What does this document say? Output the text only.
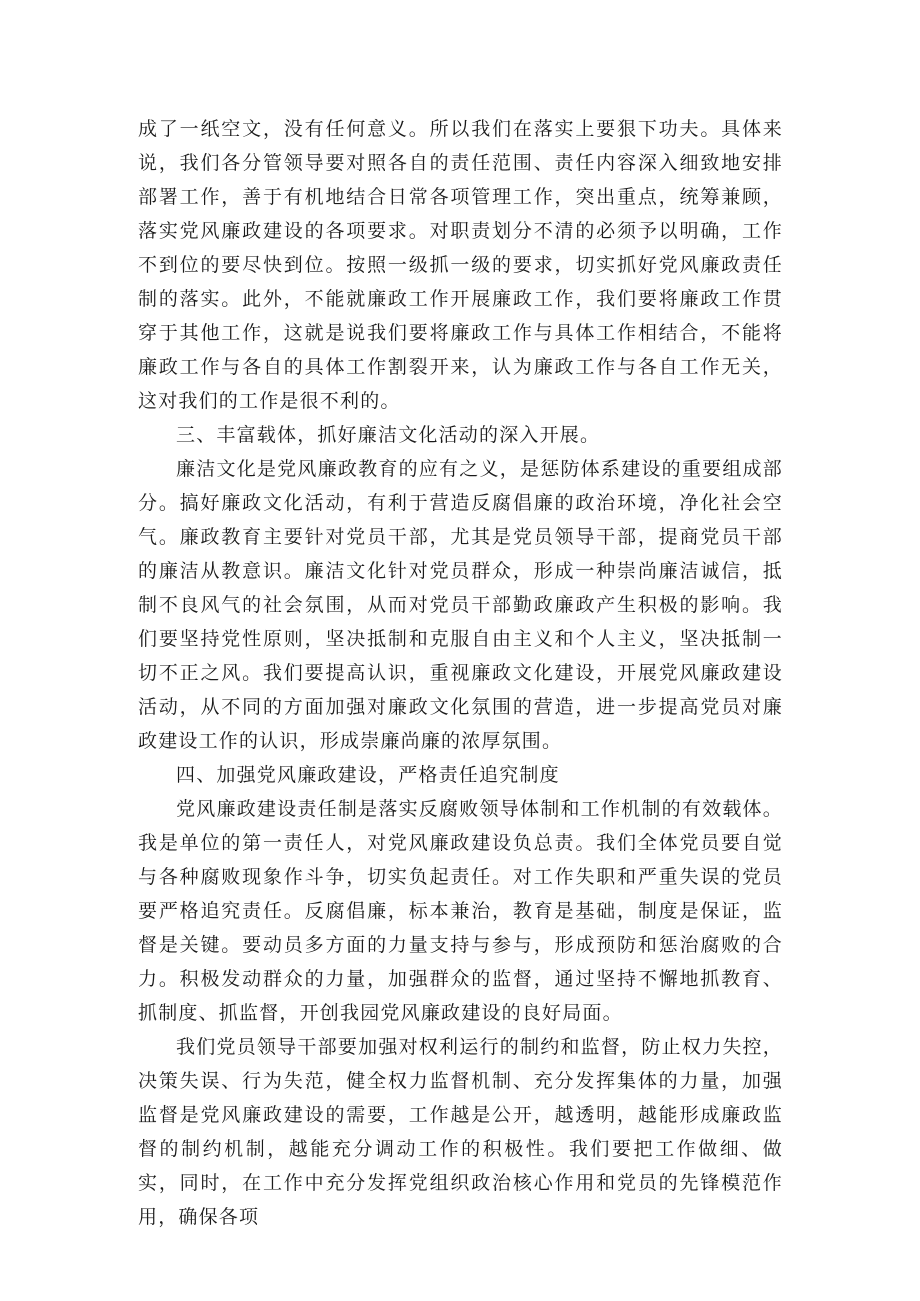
成了一纸空文，没有任何意义。所以我们在落实上要狠下功夫。具体来说，我们各分管领导要对照各自的责任范围、责任内容深入细致地安排部署工作，善于有机地结合日常各项管理工作，突出重点，统筹兼顾，落实党风廉政建设的各项要求。对职责划分不清的必须予以明确，工作不到位的要尽快到位。按照一级抓一级的要求，切实抓好党风廉政责任制的落实。此外，不能就廉政工作开展廉政工作，我们要将廉政工作贯穿于其他工作，这就是说我们要将廉政工作与具体工作相结合，不能将廉政工作与各自的具体工作割裂开来，认为廉政工作与各自工作无关，这对我们的工作是很不利的。

三、丰富载体，抓好廉洁文化活动的深入开展。

廉洁文化是党风廉政教育的应有之义，是惩防体系建设的重要组成部分。搞好廉政文化活动，有利于营造反腐倡廉的政治环境，净化社会空气。廉政教育主要针对党员干部，尤其是党员领导干部，提商党员干部的廉洁从教意识。廉洁文化针对党员群众，形成一种崇尚廉洁诚信，抵制不良风气的社会氛围，从而对党员干部勤政廉政产生积极的影响。我们要坚持党性原则，坚决抵制和克服自由主义和个人主义，坚决抵制一切不正之风。我们要提高认识，重视廉政文化建设，开展党风廉政建设活动，从不同的方面加强对廉政文化氛围的营造，进一步提高党员对廉政建设工作的认识，形成崇廉尚廉的浓厚氛围。

四、加强党风廉政建设，严格责任追究制度

党风廉政建设责任制是落实反腐败领导体制和工作机制的有效载体。我是单位的第一责任人，对党风廉政建设负总责。我们全体党员要自觉与各种腐败现象作斗争，切实负起责任。对工作失职和严重失误的党员要严格追究责任。反腐倡廉，标本兼治，教育是基础，制度是保证，监督是关键。要动员多方面的力量支持与参与，形成预防和惩治腐败的合力。积极发动群众的力量，加强群众的监督，通过坚持不懈地抓教育、抓制度、抓监督，开创我园党风廉政建设的良好局面。

我们党员领导干部要加强对权利运行的制约和监督，防止权力失控，决策失误、行为失范，健全权力监督机制、充分发挥集体的力量，加强监督是党风廉政建设的需要，工作越是公开，越透明，越能形成廉政监督的制约机制，越能充分调动工作的积极性。我们要把工作做细、做实，同时，在工作中充分发挥党组织政治核心作用和党员的先锋模范作用，确保各项
